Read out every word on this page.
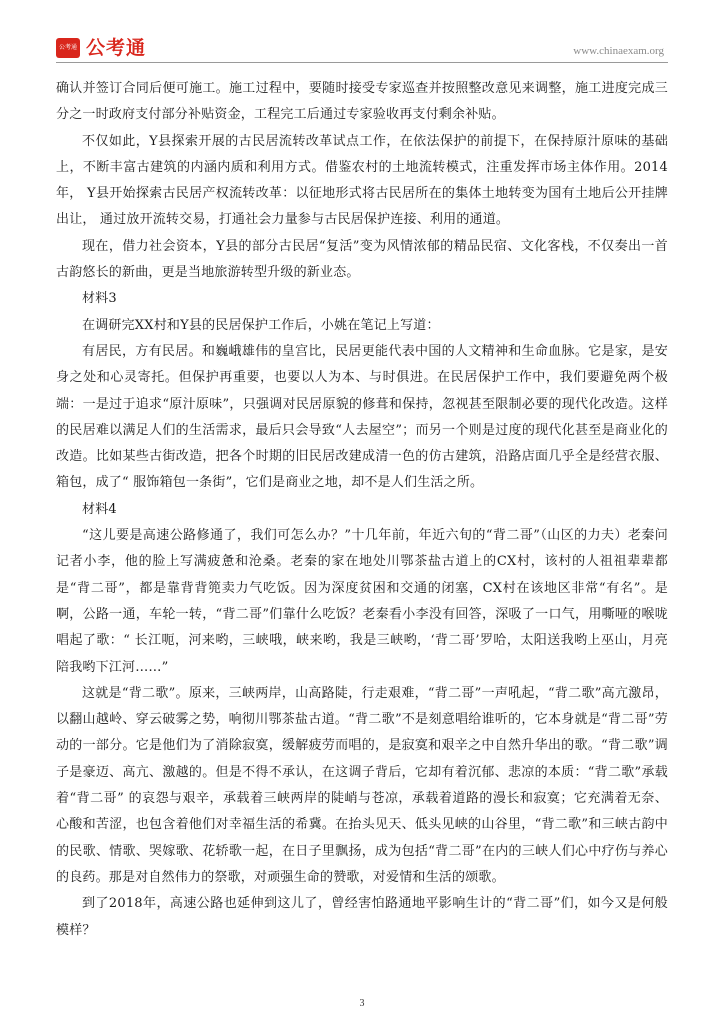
公考通 公考通	www.chinaexam.org

确认并签订合同后便可施工。施工过程中，要随时接受专家巡查并按照整改意见来调整，施工进度完成三分之一时政府支付部分补贴资金，工程完工后通过专家验收再支付剩余补贴。

不仅如此，Y县探索开展的古民居流转改革试点工作，在依法保护的前提下，在保持原汁原味的基础上，不断丰富古建筑的内涵内质和利用方式。借鉴农村的土地流转模式，注重发挥市场主体作用。2014年， Y县开始探索古民居产权流转改革：以征地形式将古民居所在的集体土地转变为国有土地后公开挂牌出让， 通过放开流转交易，打通社会力量参与古民居保护连接、利用的通道。

现在，借力社会资本，Y县的部分古民居“复活”变为风情浓郁的精品民宿、文化客栈，不仅奏出一首古韵悠长的新曲，更是当地旅游转型升级的新业态。

材料3

在调研完XX村和Y县的民居保护工作后，小姚在笔记上写道：

有居民，方有民居。和巍峨雄伟的皇宫比，民居更能代表中国的人文精神和生命血脉。它是家，是安身之处和心灵寄托。但保护再重要，也要以人为本、与时俱进。在民居保护工作中，我们要避免两个极端：一是过于追求“原汁原味”，只强调对民居原貌的修葺和保持，忽视甚至限制必要的现代化改造。这样的民居难以满足人们的生活需求，最后只会导致“人去屋空”；而另一个则是过度的现代化甚至是商业化的改造。比如某些古街改造，把各个时期的旧民居改建成清一色的仿古建筑，沿路店面几乎全是经营衣服、箱包，成了“ 服饰箱包一条街”，它们是商业之地，却不是人们生活之所。

材料4

“这儿要是高速公路修通了，我们可怎么办？”十几年前，年近六旬的“背二哥”（山区的力夫）老秦问记者小李，他的脸上写满疲惫和沧桑。老秦的家在地处川鄂茶盐古道上的CX村，该村的人祖祖辈辈都是“背二哥”，都是靠背背篼卖力气吃饭。因为深度贫困和交通的闭塞，CX村在该地区非常“有名”。是啊，公路一通，车轮一转，“背二哥”们靠什么吃饭？老秦看小李没有回答，深吸了一口气，用嘶哑的喉咙唱起了歌：“ 长江呃，河来哟，三峡哦，峡来哟，我是三峡哟，‘背二哥’罗哈，太阳送我哟上巫山，月亮陪我哟下江河……”

这就是“背二歌”。原来，三峡两岸，山高路陡，行走艰难，“背二哥”一声吼起，“背二歌”高亢激昂，以翻山越岭、穿云破雾之势，响彻川鄂茶盐古道。“背二歌”不是刻意唱给谁听的，它本身就是“背二哥”劳动的一部分。它是他们为了消除寂寞，缓解疲劳而唱的，是寂寞和艰辛之中自然升华出的歌。“背二歌”调子是豪迈、高亢、激越的。但是不得不承认，在这调子背后，它却有着沉郁、悲凉的本质：“背二歌”承载着“背二哥” 的哀怨与艰辛，承载着三峡两岸的陡峭与苍凉，承载着道路的漫长和寂寞；它充满着无奈、心酸和苦涩，也包含着他们对幸福生活的希冀。在抬头见天、低头见峡的山谷里，“背二歌”和三峡古韵中的民歌、情歌、哭嫁歌、花轿歌一起，在日子里飘扬，成为包括“背二哥”在内的三峡人们心中疗伤与养心的良药。那是对自然伟力的祭歌，对顽强生命的赞歌，对爱情和生活的颂歌。

到了2018年，高速公路也延伸到这儿了，曾经害怕路通地平影响生计的“背二哥”们，如今又是何般模样？

3
